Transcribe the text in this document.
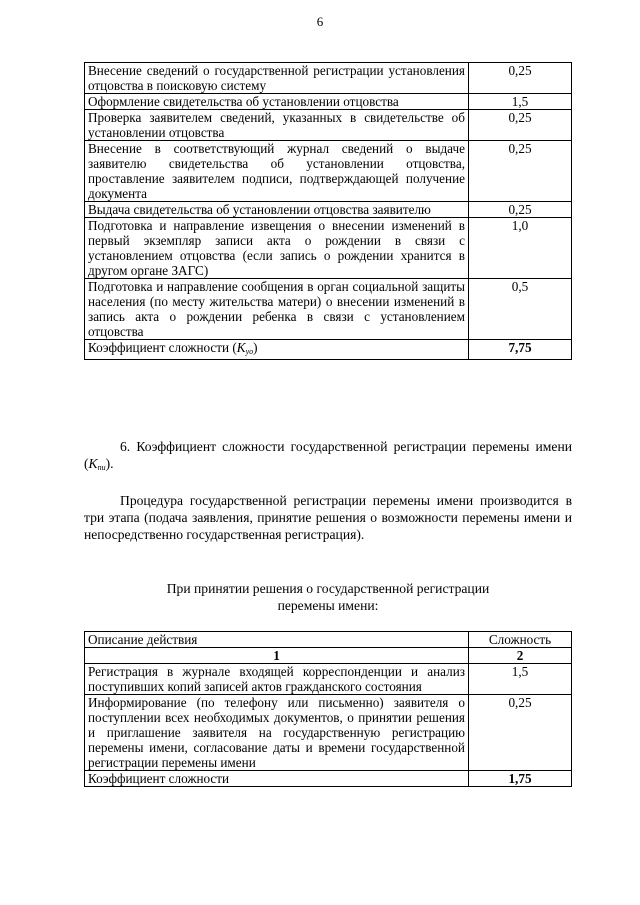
6
Внесение сведений о государственной регистрации установления отцовства в поисковую систему	0,25
Оформление свидетельства об установлении отцовства	1,5
Проверка заявителем сведений, указанных в свидетельстве об установлении отцовства	0,25
Внесение в соответствующий журнал сведений о выдаче заявителю свидетельства об установлении отцовства, проставление заявителем подписи, подтверждающей получение документа	0,25
Выдача свидетельства об установлении отцовства заявителю	0,25
Подготовка и направление извещения о внесении изменений в первый экземпляр записи акта о рождении в связи с установлением отцовства (если запись о рождении хранится в другом органе ЗАГС)	1,0
Подготовка и направление сообщения в орган социальной защиты населения (по месту жительства матери) о внесении изменений в запись акта о рождении ребенка в связи с установлением отцовства	0,5
Коэффициент сложности (Kуо)	7,75
6. Коэффициент сложности государственной регистрации перемены имени (Kпи).
Процедура государственной регистрации перемены имени производится в три этапа (подача заявления, принятие решения о возможности перемены имени и непосредственно государственная регистрация).
При принятии решения о государственной регистрации
перемены имени:
Описание действия	Сложность
1	2
Регистрация в журнале входящей корреспонденции и анализ поступивших копий записей актов гражданского состояния	1,5
Информирование (по телефону или письменно) заявителя о поступлении всех необходимых документов, о принятии решения и приглашение заявителя на государственную регистрацию перемены имени, согласование даты и времени государственной регистрации перемены имени	0,25
Коэффициент сложности	1,75
